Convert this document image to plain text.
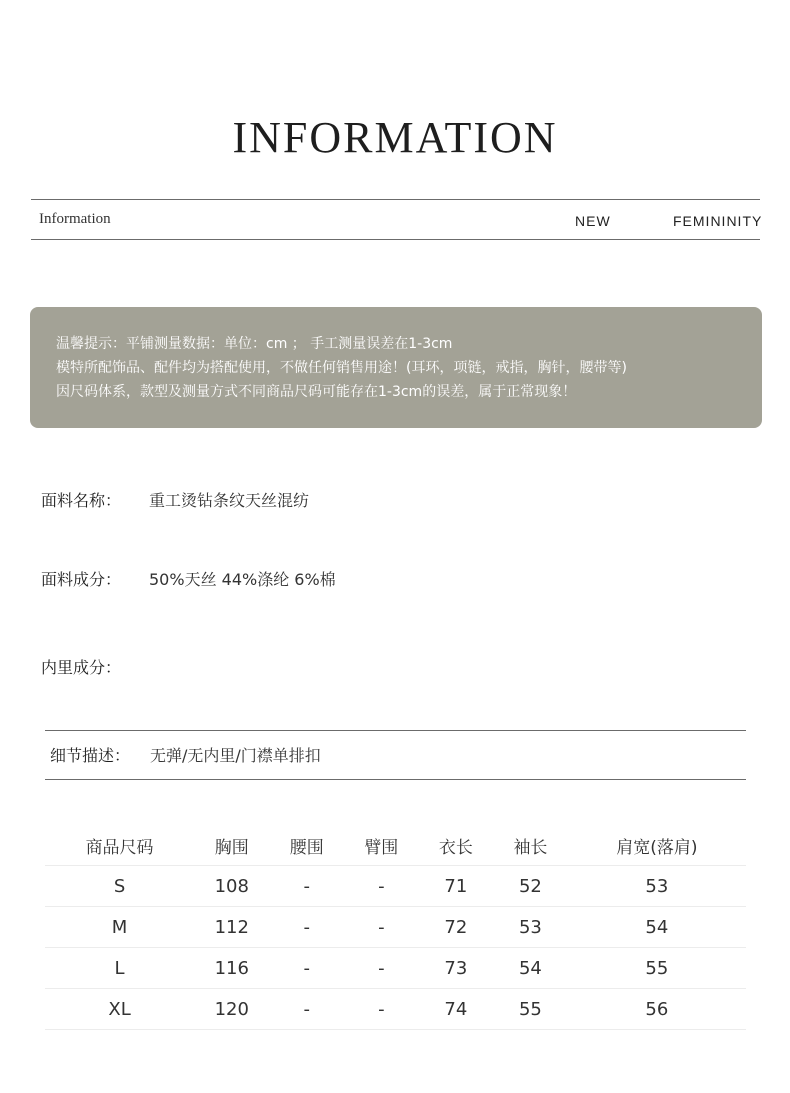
INFORMATION
Information	NEW	FEMININITY
温馨提示：平铺测量数据：单位：cm ； 手工测量误差在1-3cm
模特所配饰品、配件均为搭配使用，不做任何销售用途！(耳环，项链，戒指，胸针，腰带等)
因尺码体系，款型及测量方式不同商品尺码可能存在1-3cm的误差，属于正常现象！
面料名称： 重工烫钻条纹天丝混纺
面料成分： 50%天丝 44%涤纶 6%棉
内里成分：
细节描述： 无弹/无内里/门襟单排扣
商品尺码	胸围	腰围	臂围	衣长	袖长	肩宽(落肩)
S	108	-	-	71	52	53
M	112	-	-	72	53	54
L	116	-	-	73	54	55
XL	120	-	-	74	55	56
